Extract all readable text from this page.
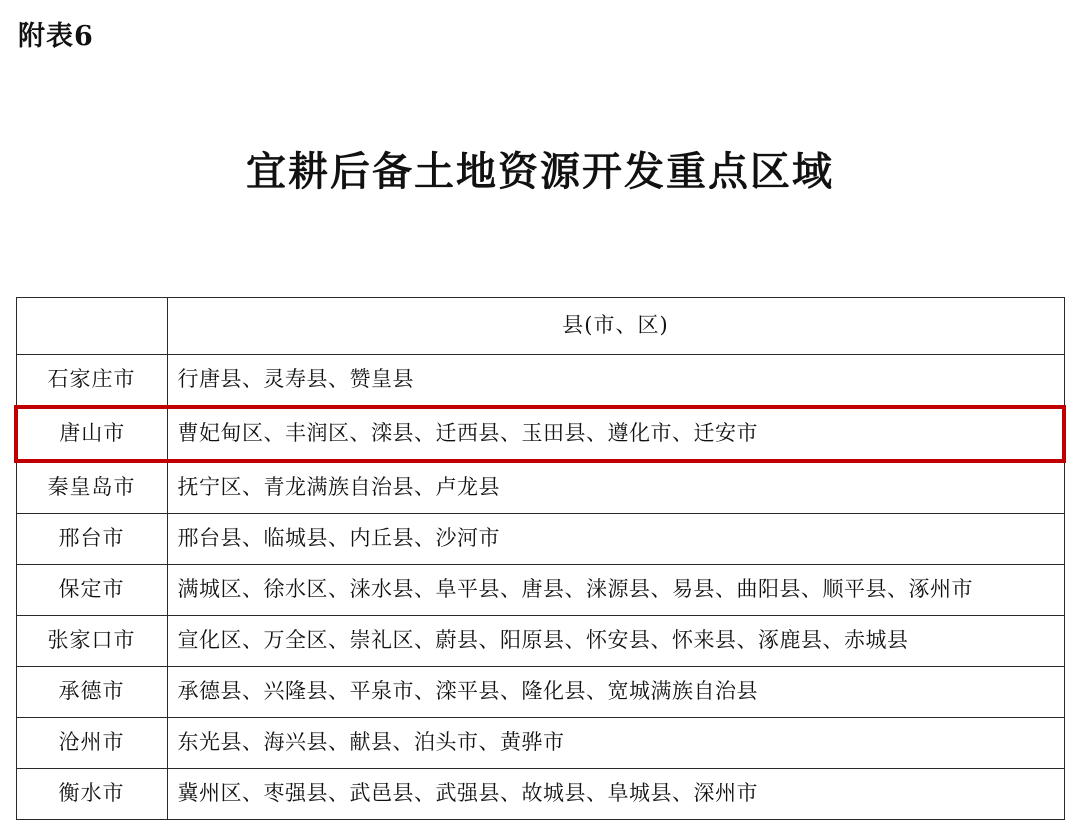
附表6
宜耕后备土地资源开发重点区域
	县(市、区)
石家庄市	行唐县、灵寿县、赞皇县
唐山市	曹妃甸区、丰润区、滦县、迁西县、玉田县、遵化市、迁安市
秦皇岛市	抚宁区、青龙满族自治县、卢龙县
邢台市	邢台县、临城县、内丘县、沙河市
保定市	满城区、徐水区、涞水县、阜平县、唐县、涞源县、易县、曲阳县、顺平县、涿州市
张家口市	宣化区、万全区、崇礼区、蔚县、阳原县、怀安县、怀来县、涿鹿县、赤城县
承德市	承德县、兴隆县、平泉市、滦平县、隆化县、宽城满族自治县
沧州市	东光县、海兴县、献县、泊头市、黄骅市
衡水市	冀州区、枣强县、武邑县、武强县、故城县、阜城县、深州市
